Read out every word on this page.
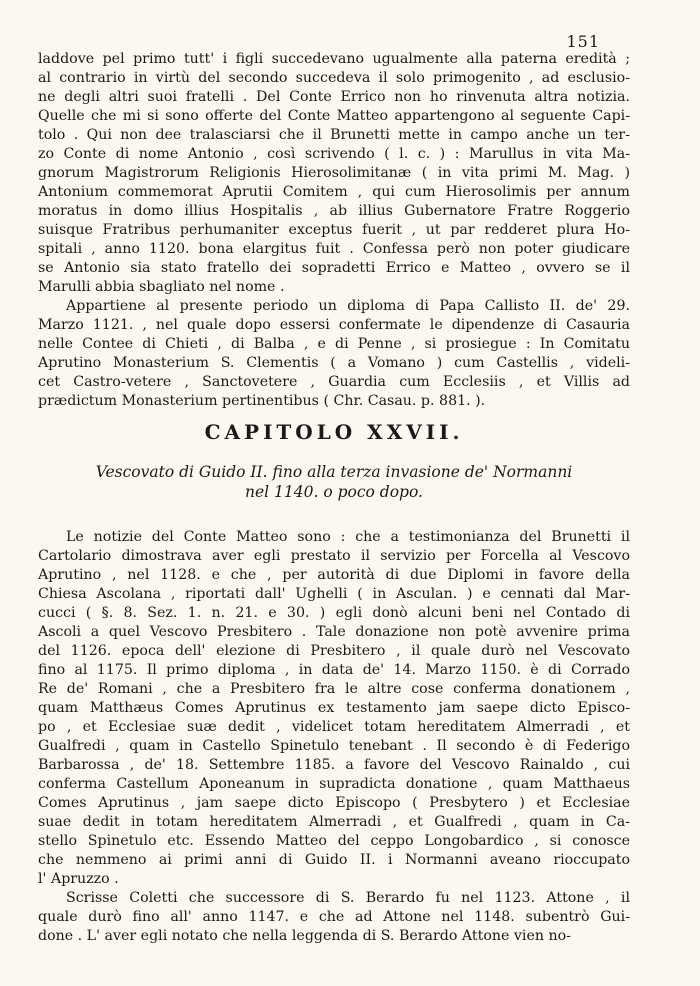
151
laddove pel primo tutt' i figli succedevano ugualmente alla paterna eredità ;
al contrario in virtù del secondo succedeva il solo primogenito , ad esclusio-
ne degli altri suoi fratelli . Del Conte Errico non ho rinvenuta altra notizia.
Quelle che mi si sono offerte del Conte Matteo appartengono al seguente Capi-
tolo . Qui non dee tralasciarsi che il Brunetti mette in campo anche un ter-
zo Conte di nome Antonio , così scrivendo ( l. c. ) : Marullus in vita Ma-
gnorum Magistrorum Religionis Hierosolimitanæ ( in vita primi M. Mag. )
Antonium commemorat Aprutii Comitem , qui cum Hierosolimis per annum
moratus in domo illius Hospitalis , ab illius Gubernatore Fratre Roggerio
suisque Fratribus perhumaniter exceptus fuerit , ut par redderet plura Ho-
spitali , anno 1120. bona elargitus fuit . Confessa però non poter giudicare
se Antonio sia stato fratello dei sopradetti Errico e Matteo , ovvero se il
Marulli abbia sbagliato nel nome .
Appartiene al presente periodo un diploma di Papa Callisto II. de' 29.
Marzo 1121. , nel quale dopo essersi confermate le dipendenze di Casauria
nelle Contee di Chieti , di Balba , e di Penne , si prosiegue : In Comitatu
Aprutino Monasterium S. Clementis ( a Vomano ) cum Castellis , videli-
cet Castro-vetere , Sanctovetere , Guardia cum Ecclesiis , et Villis ad
prædictum Monasterium pertinentibus ( Chr. Casau. p. 881. ).
CAPITOLO XXVII.
Vescovato di Guido II. fino alla terza invasione de' Normanni
nel 1140. o poco dopo.
Le notizie del Conte Matteo sono : che a testimonianza del Brunetti il
Cartolario dimostrava aver egli prestato il servizio per Forcella al Vescovo
Aprutino , nel 1128. e che , per autorità di due Diplomi in favore della
Chiesa Ascolana , riportati dall' Ughelli ( in Asculan. ) e cennati dal Mar-
cucci ( §. 8. Sez. 1. n. 21. e 30. ) egli donò alcuni beni nel Contado di
Ascoli a quel Vescovo Presbitero . Tale donazione non potè avvenire prima
del 1126. epoca dell' elezione di Presbitero , il quale durò nel Vescovato
fino al 1175. Il primo diploma , in data de' 14. Marzo 1150. è di Corrado
Re de' Romani , che a Presbitero fra le altre cose conferma donationem ,
quam Matthæus Comes Aprutinus ex testamento jam saepe dicto Episco-
po , et Ecclesiae suæ dedit , videlicet totam hereditatem Almerradi , et
Gualfredi , quam in Castello Spinetulo tenebant . Il secondo è di Federigo
Barbarossa , de' 18. Settembre 1185. a favore del Vescovo Rainaldo , cui
conferma Castellum Aponeanum in supradicta donatione , quam Matthaeus
Comes Aprutinus , jam saepe dicto Episcopo ( Presbytero ) et Ecclesiae
suae dedit in totam hereditatem Almerradi , et Gualfredi , quam in Ca-
stello Spinetulo etc. Essendo Matteo del ceppo Longobardico , si conosce
che nemmeno ai primi anni di Guido II. i Normanni aveano rioccupato
l' Apruzzo .
Scrisse Coletti che successore di S. Berardo fu nel 1123. Attone , il
quale durò fino all' anno 1147. e che ad Attone nel 1148. subentrò Gui-
done . L' aver egli notato che nella leggenda di S. Berardo Attone vien no-
